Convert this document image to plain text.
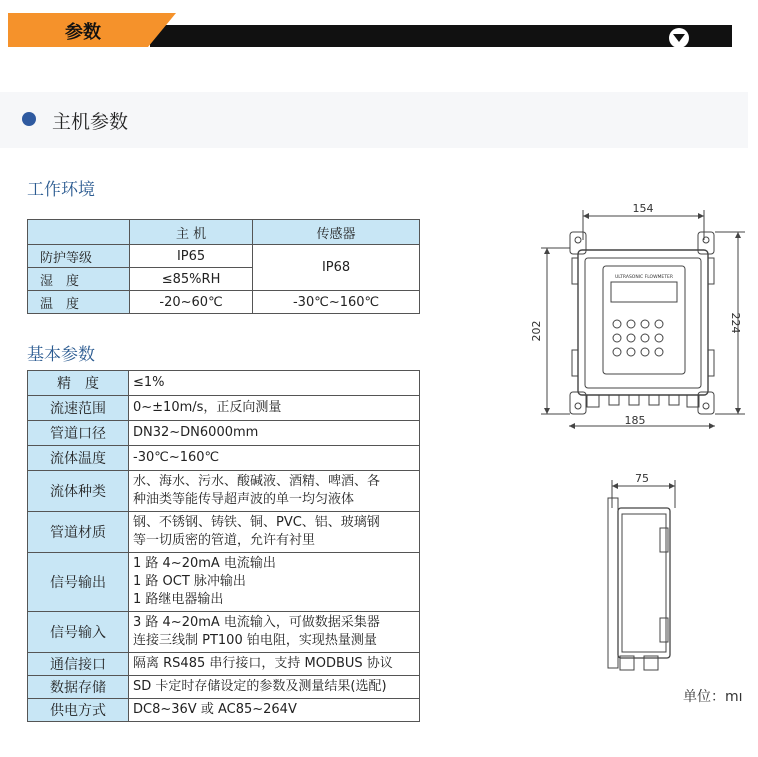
参数
主机参数
工作环境
	主 机	传感器
防护等级	IP65	IP68
湿　度	≤85%RH	
温　度	-20~60℃	-30℃~160℃
基本参数
精　度	≤1%

流速范围	0~±10m/s，正反向测量

管道口径	DN32~DN6000mm

流体温度	-30℃~160℃

流体种类	水、海水、污水、酸碱液、酒精、啤酒、各
种油类等能传导超声波的单一均匀液体

管道材质	钢、不锈钢、铸铁、铜、PVC、铝、玻璃钢
等一切质密的管道，允许有衬里

信号输出	1 路 4~20mA 电流输出
1 路 OCT 脉冲输出
1 路继电器输出

信号输入	3 路 4~20mA 电流输入，可做数据采集器
连接三线制 PT100 铂电阻，实现热量测量

通信接口	隔离 RS485 串行接口，支持 MODBUS 协议

数据存储	SD 卡定时存储设定的参数及测量结果(选配)

供电方式	DC8~36V 或 AC85~264V
154
202	224
185
ULTRASONIC FLOWMETER
75
单位：mı
